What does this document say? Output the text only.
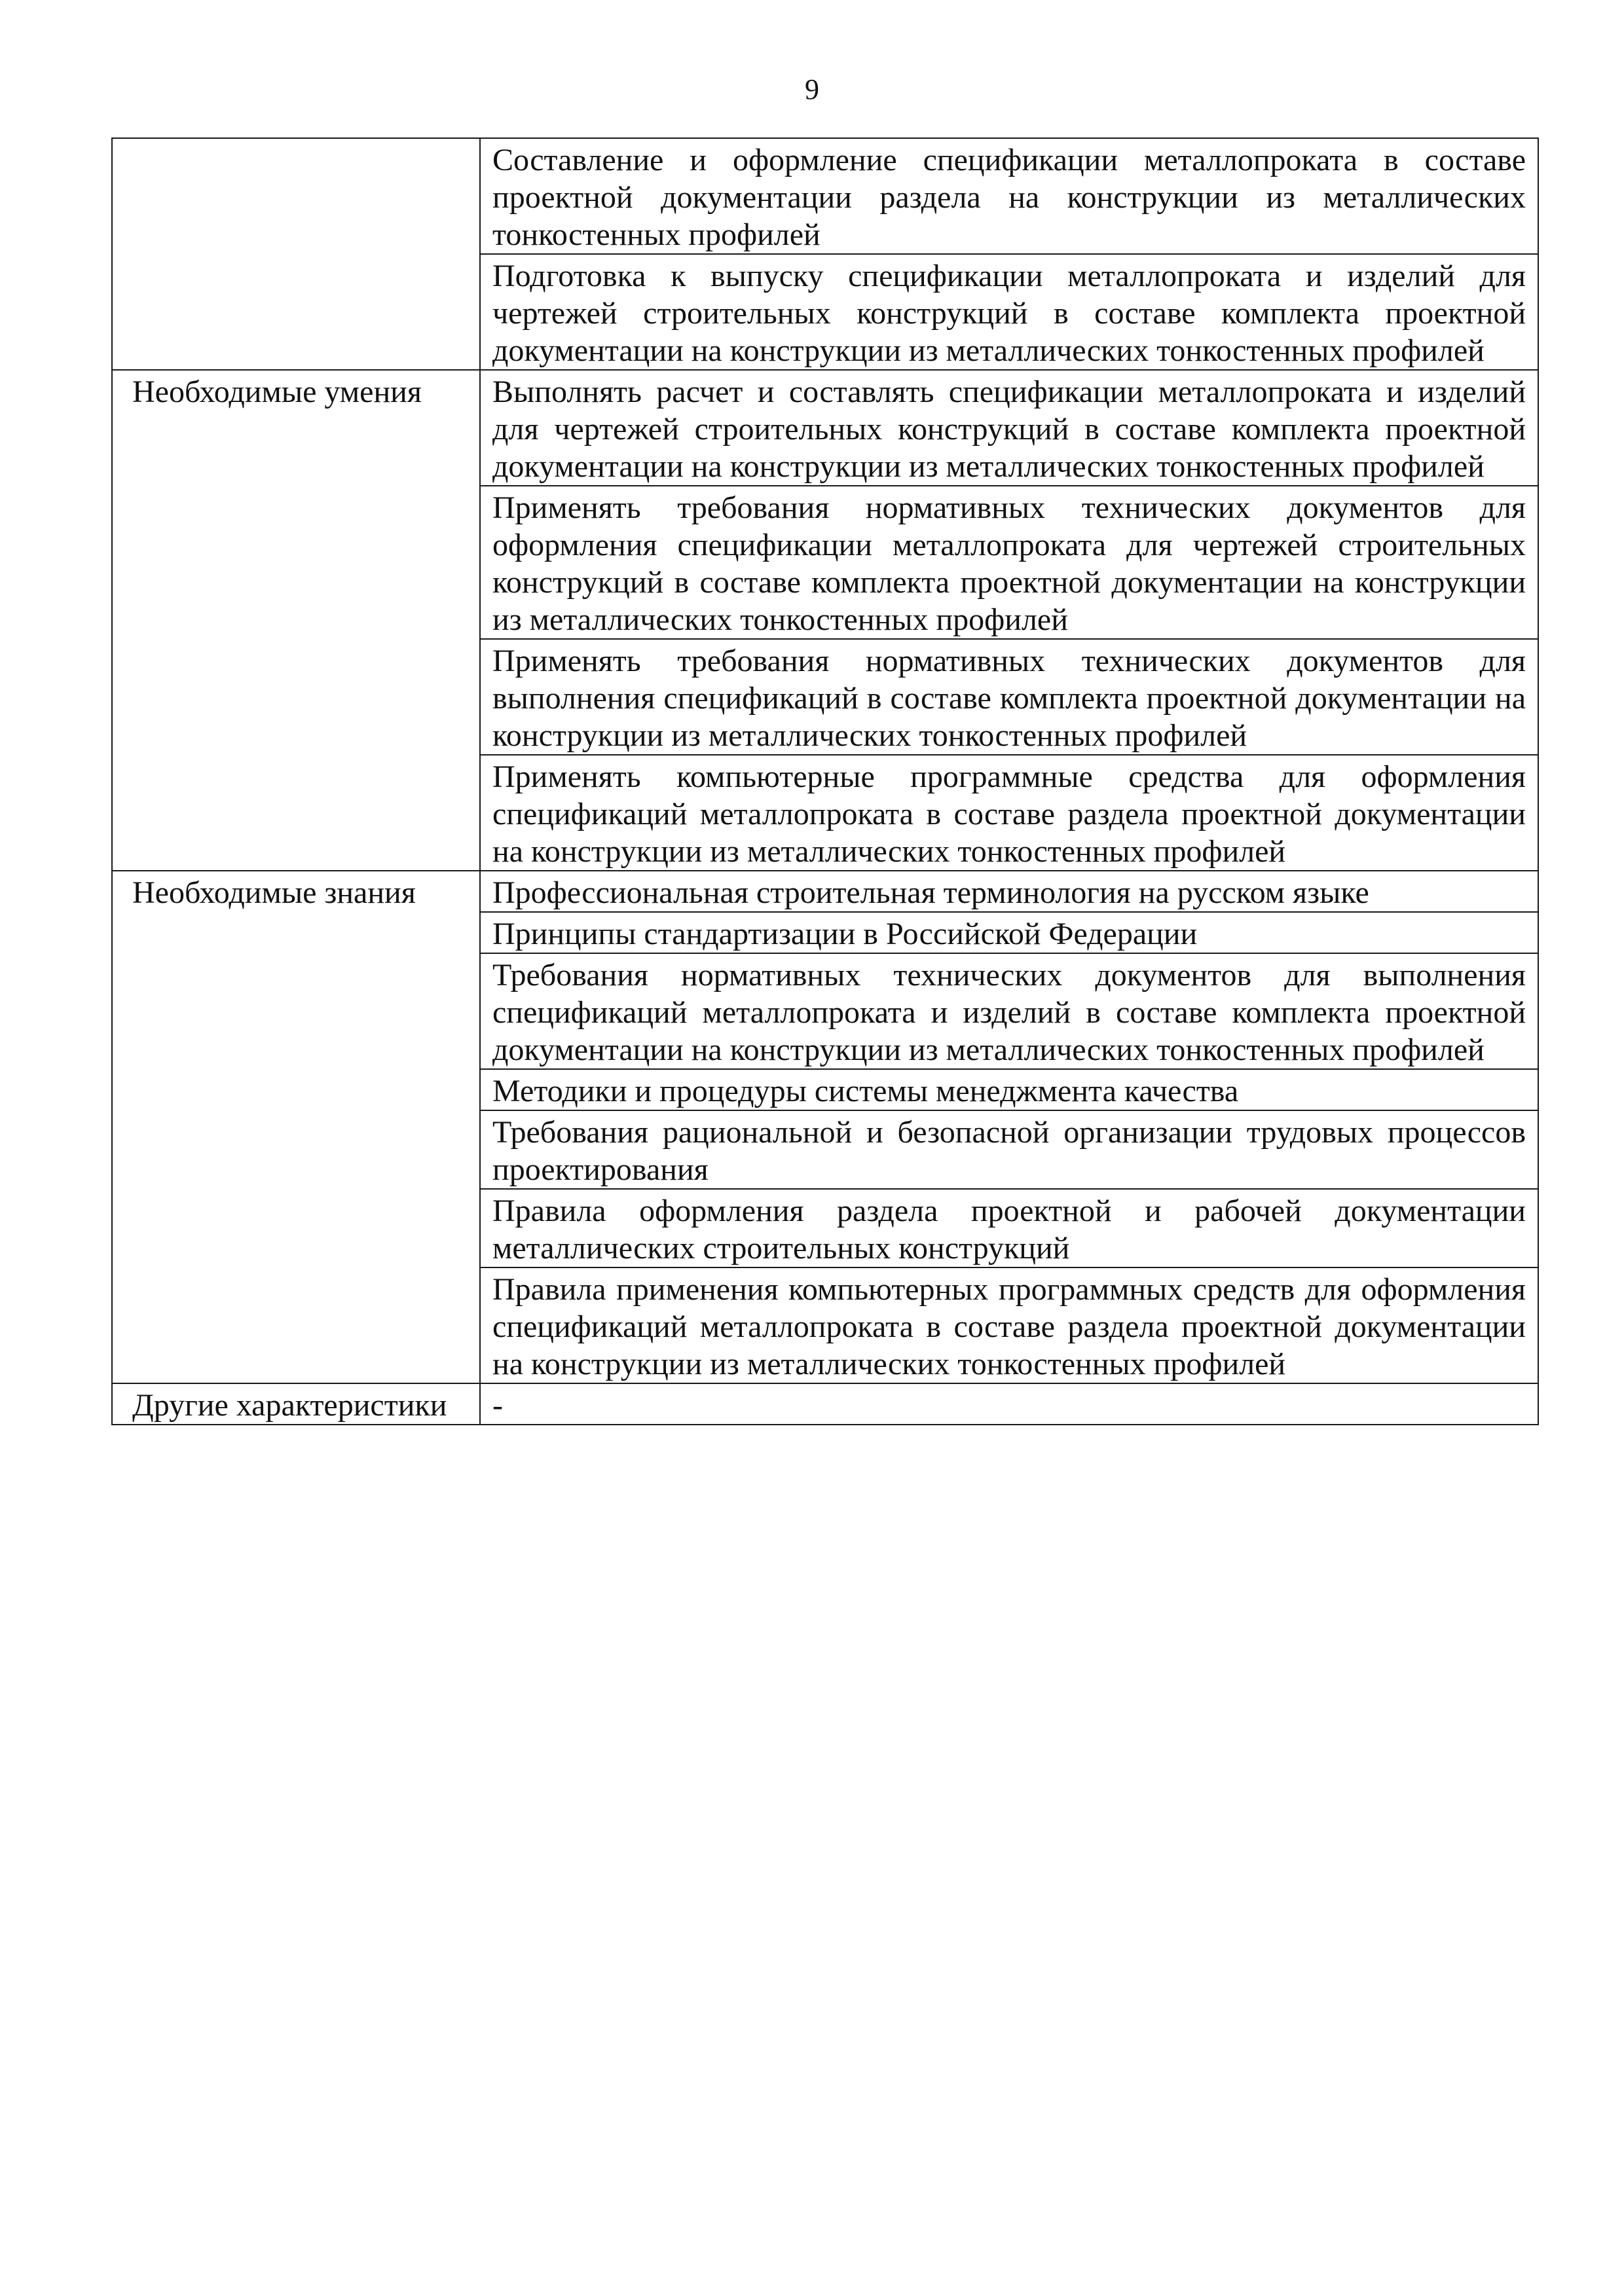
9
	Составление и оформление спецификации металлопроката в составе проектной документации раздела на конструкции из металлических тонкостенных профилей
	Подготовка к выпуску спецификации металлопроката и изделий для чертежей строительных конструкций в составе комплекта проектной документации на конструкции из металлических тонкостенных профилей
Необходимые умения	Выполнять расчет и составлять спецификации металлопроката и изделий для чертежей строительных конструкций в составе комплекта проектной документации на конструкции из металлических тонкостенных профилей
	Применять требования нормативных технических документов для оформления спецификации металлопроката для чертежей строительных конструкций в составе комплекта проектной документации на конструкции из металлических тонкостенных профилей
	Применять требования нормативных технических документов для выполнения спецификаций в составе комплекта проектной документации на конструкции из металлических тонкостенных профилей
	Применять компьютерные программные средства для оформления спецификаций металлопроката в составе раздела проектной документации на конструкции из металлических тонкостенных профилей
Необходимые знания	Профессиональная строительная терминология на русском языке
	Принципы стандартизации в Российской Федерации
	Требования нормативных технических документов для выполнения спецификаций металлопроката и изделий в составе комплекта проектной документации на конструкции из металлических тонкостенных профилей
	Методики и процедуры системы менеджмента качества
	Требования рациональной и безопасной организации трудовых процессов проектирования
	Правила оформления раздела проектной и рабочей документации металлических строительных конструкций
	Правила применения компьютерных программных средств для оформления спецификаций металлопроката в составе раздела проектной документации на конструкции из металлических тонкостенных профилей
Другие характеристики	-
